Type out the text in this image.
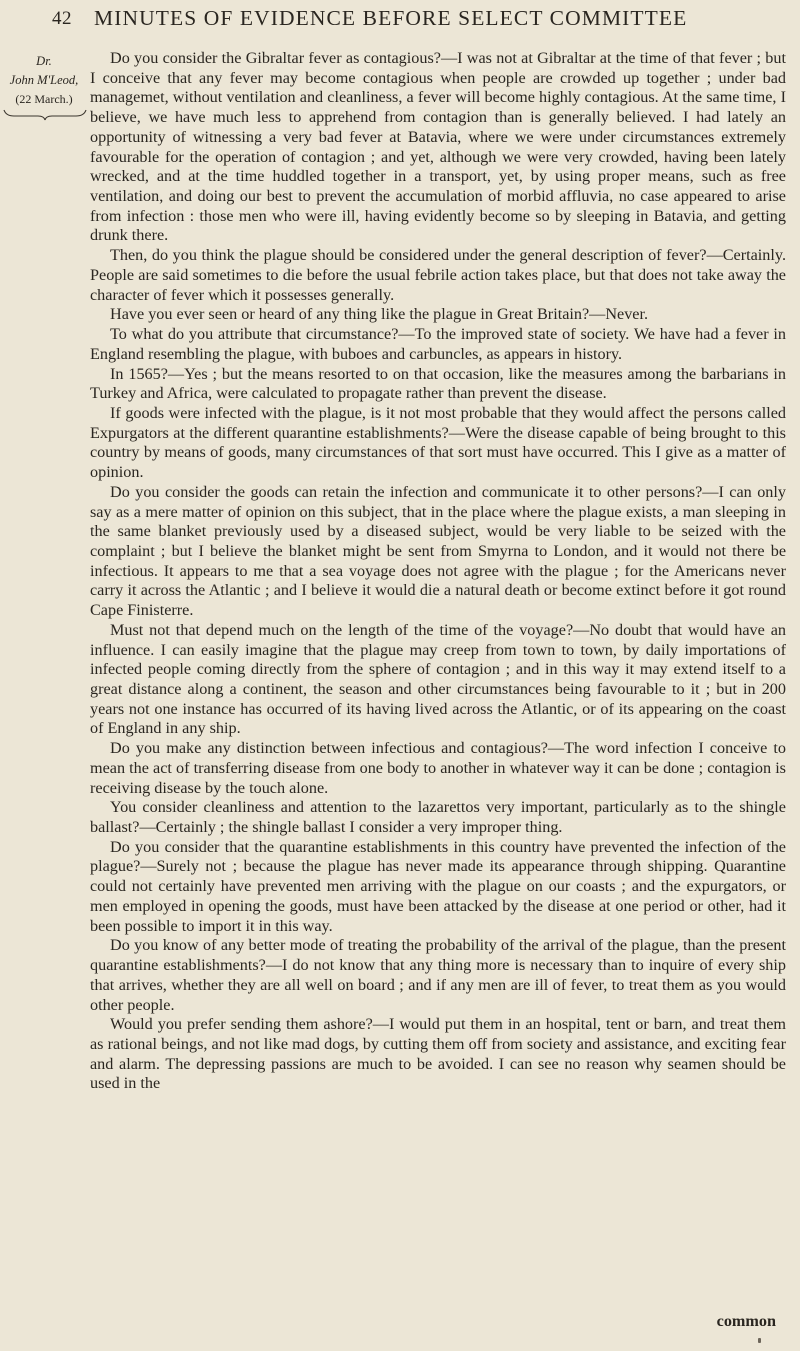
42 MINUTES OF EVIDENCE BEFORE SELECT COMMITTEE
Dr.
John M'Leod,
(22 March.)

Do you consider the Gibraltar fever as contagious?—I was not at Gibraltar at the time of that fever ; but I conceive that any fever may become contagious when people are crowded up together ; under bad managemet, without ventilation and cleanliness, a fever will become highly contagious. At the same time, I believe, we have much less to apprehend from contagion than is generally believed. I had lately an opportunity of witnessing a very bad fever at Batavia, where we were under circumstances extremely favourable for the operation of contagion ; and yet, although we were very crowded, having been lately wrecked, and at the time huddled together in a transport, yet, by using proper means, such as free ventilation, and doing our best to prevent the accumulation of morbid affluvia, no case appeared to arise from infection : those men who were ill, having evidently become so by sleeping in Batavia, and getting drunk there.

Then, do you think the plague should be considered under the general description of fever?—Certainly. People are said sometimes to die before the usual febrile action takes place, but that does not take away the character of fever which it possesses generally.

Have you ever seen or heard of any thing like the plague in Great Britain?—Never.

To what do you attribute that circumstance?—To the improved state of society. We have had a fever in England resembling the plague, with buboes and carbuncles, as appears in history.

In 1565?—Yes ; but the means resorted to on that occasion, like the measures among the barbarians in Turkey and Africa, were calculated to propagate rather than prevent the disease.

If goods were infected with the plague, is it not most probable that they would affect the persons called Expurgators at the different quarantine establishments?—Were the disease capable of being brought to this country by means of goods, many circumstances of that sort must have occurred. This I give as a matter of opinion.

Do you consider the goods can retain the infection and communicate it to other persons?—I can only say as a mere matter of opinion on this subject, that in the place where the plague exists, a man sleeping in the same blanket previously used by a diseased subject, would be very liable to be seized with the complaint ; but I believe the blanket might be sent from Smyrna to London, and it would not there be infectious. It appears to me that a sea voyage does not agree with the plague ; for the Americans never carry it across the Atlantic ; and I believe it would die a natural death or become extinct before it got round Cape Finisterre.

Must not that depend much on the length of the time of the voyage?—No doubt that would have an influence. I can easily imagine that the plague may creep from town to town, by daily importations of infected people coming directly from the sphere of contagion ; and in this way it may extend itself to a great distance along a continent, the season and other circumstances being favourable to it ; but in 200 years not one instance has occurred of its having lived across the Atlantic, or of its appearing on the coast of England in any ship.

Do you make any distinction between infectious and contagious?—The word infection I conceive to mean the act of transferring disease from one body to another in whatever way it can be done ; contagion is receiving disease by the touch alone.

You consider cleanliness and attention to the lazarettos very important, particularly as to the shingle ballast?—Certainly ; the shingle ballast I consider a very improper thing.

Do you consider that the quarantine establishments in this country have prevented the infection of the plague?—Surely not ; because the plague has never made its appearance through shipping. Quarantine could not certainly have prevented men arriving with the plague on our coasts ; and the expurgators, or men employed in opening the goods, must have been attacked by the disease at one period or other, had it been possible to import it in this way.

Do you know of any better mode of treating the probability of the arrival of the plague, than the present quarantine establishments?—I do not know that any thing more is necessary than to inquire of every ship that arrives, whether they are all well on board ; and if any men are ill of fever, to treat them as you would other people.

Would you prefer sending them ashore?—I would put them in an hospital, tent or barn, and treat them as rational beings, and not like mad dogs, by cutting them off from society and assistance, and exciting fear and alarm. The depressing passions are much to be avoided. I can see no reason why seamen should be used in the

common
